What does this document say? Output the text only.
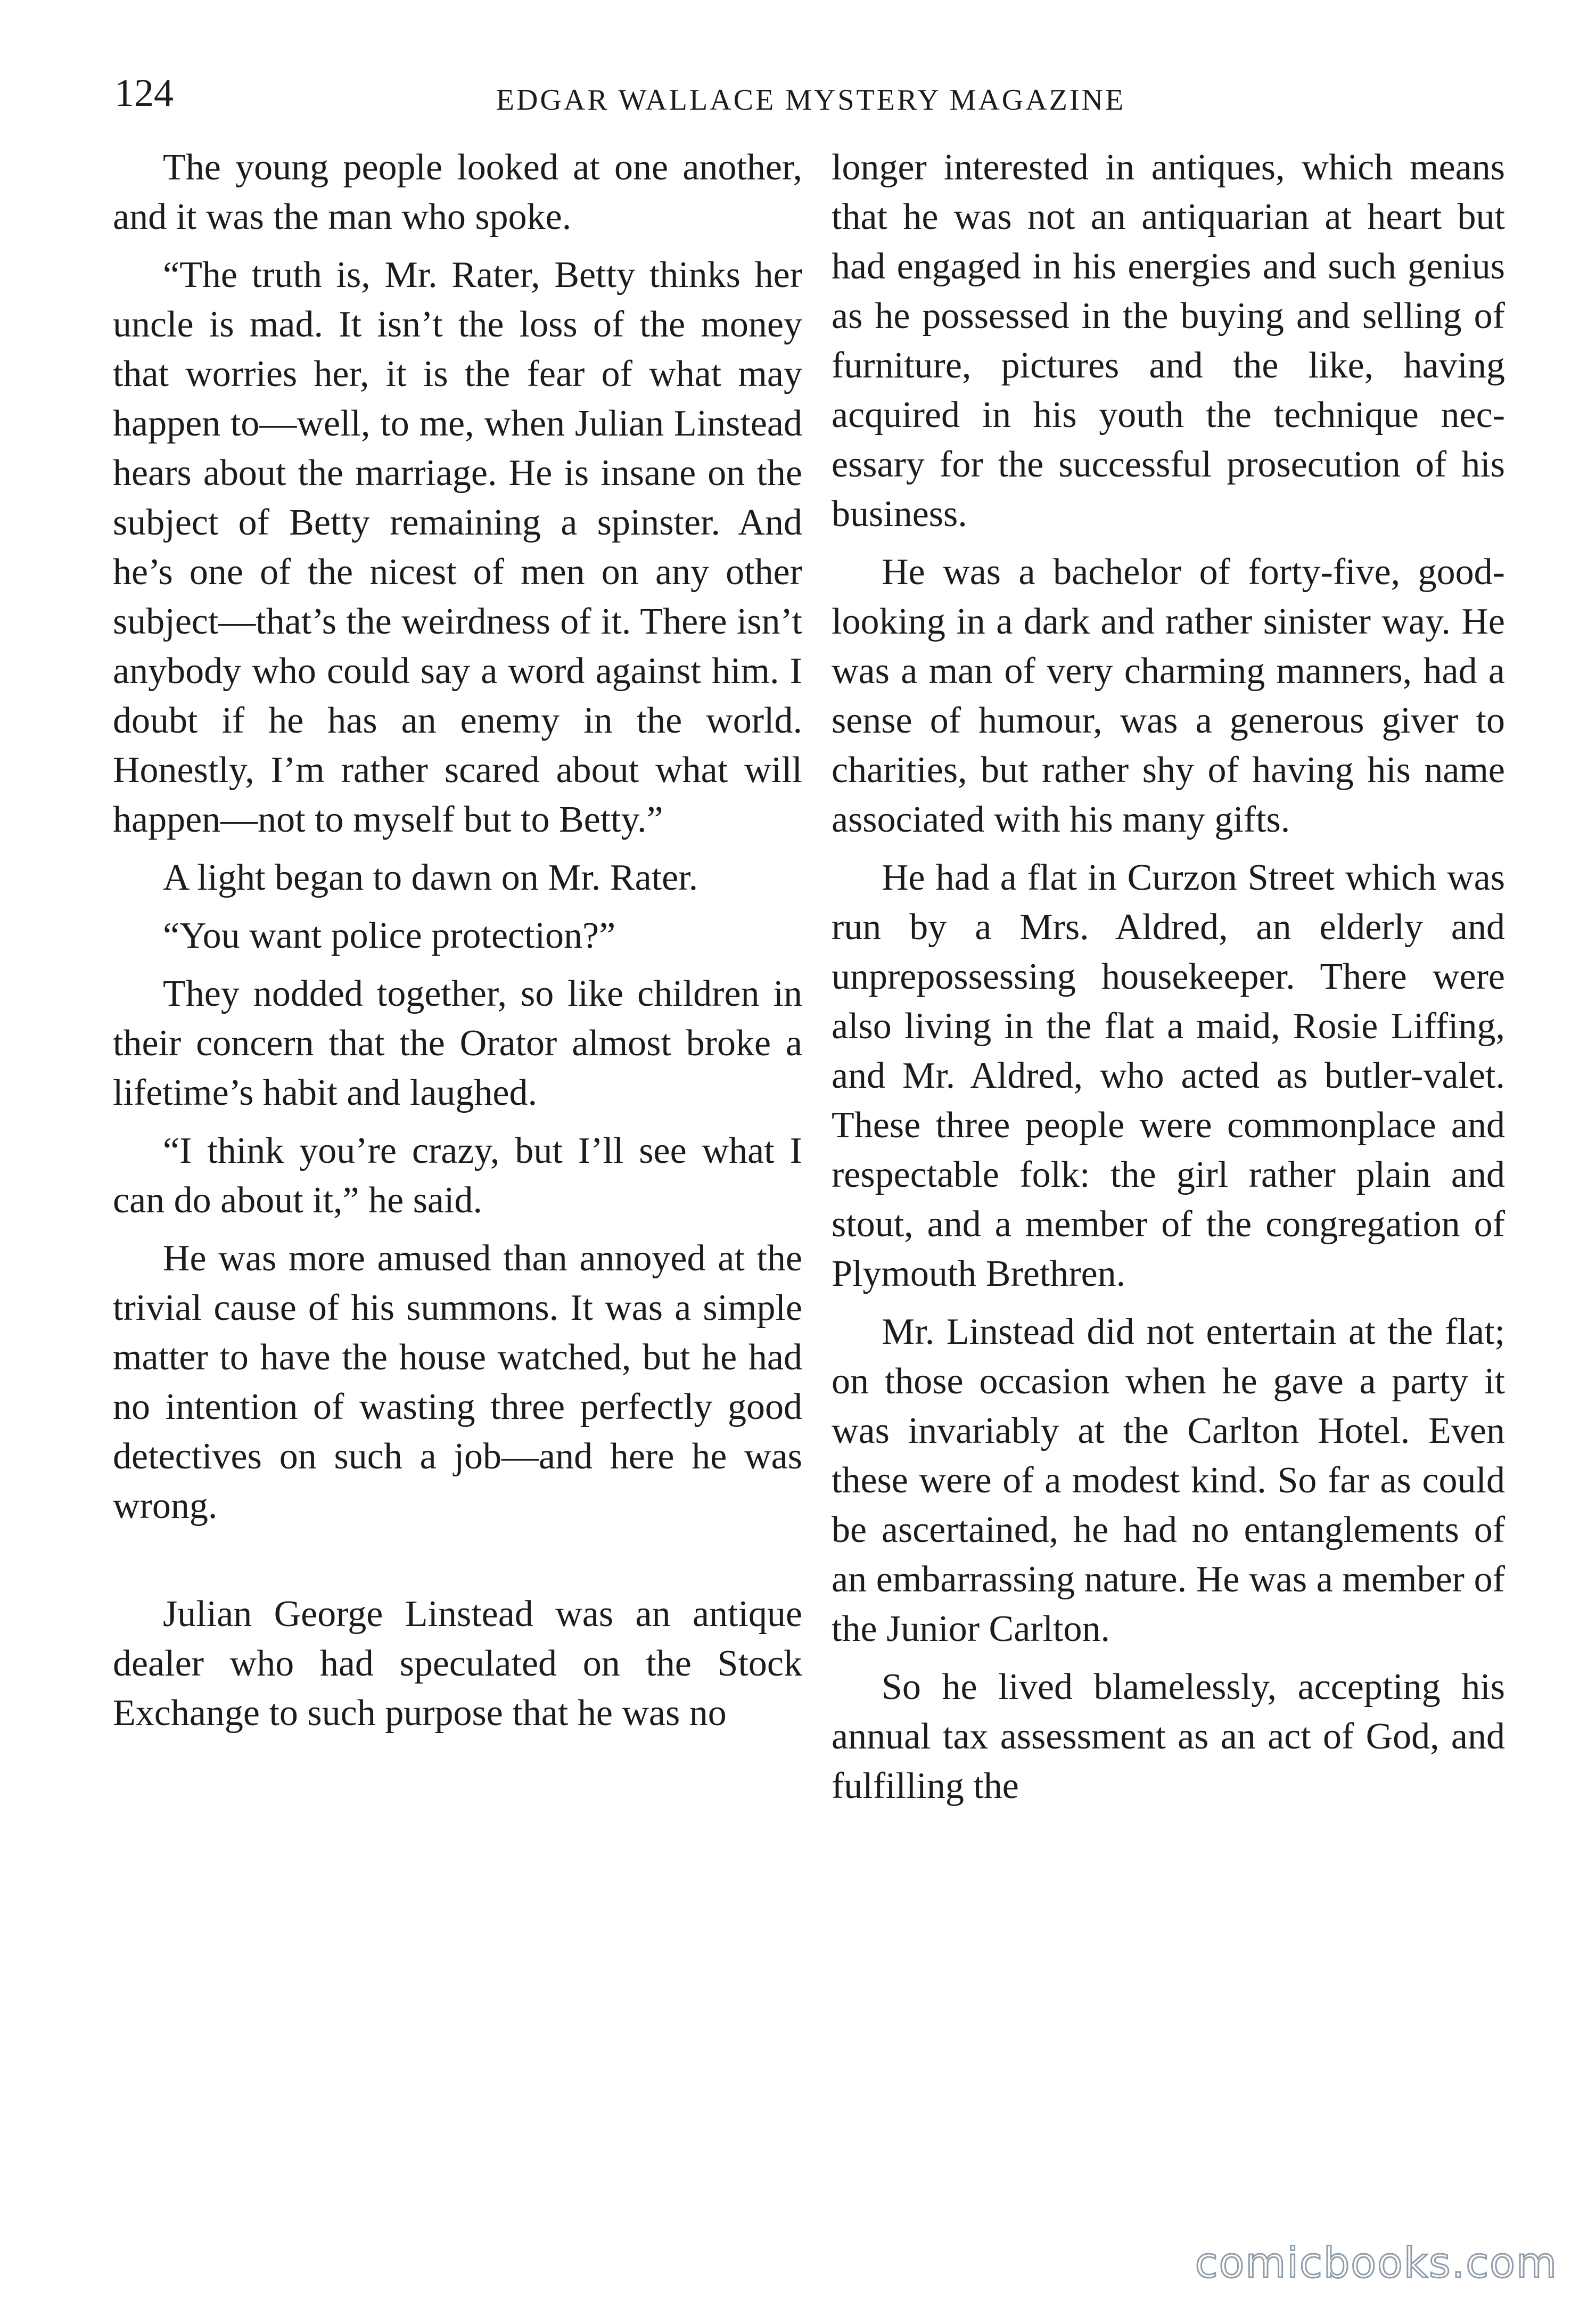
124	EDGAR WALLACE MYSTERY MAGAZINE

The young people looked at one another, and it was the man who spoke.

“The truth is, Mr. Rater, Betty thinks her uncle is mad. It isn’t the loss of the money that worries her, it is the fear of what may happen to—well, to me, when Julian Linstead hears about the marriage. He is insane on the subject of Betty remaining a spinster. And he’s one of the nicest of men on any other subject—that’s the weirdness of it. There isn’t anybody who could say a word against him. I doubt if he has an enemy in the world. Honestly, I’m rather scared about what will happen—not to myself but to Betty.”

A light began to dawn on Mr. Rater.

“You want police protection?”

They nodded together, so like children in their concern that the Orator almost broke a lifetime’s habit and laughed.

“I think you’re crazy, but I’ll see what I can do about it,” he said.

He was more amused than annoyed at the trivial cause of his summons. It was a simple matter to have the house watched, but he had no intention of wasting three perfectly good detectives on such a job—and here he was wrong.

Julian George Linstead was an antique dealer who had speculated on the Stock Exchange to such purpose that he was no

longer interested in antiques, which means that he was not an antiquarian at heart but had engaged in his energies and such genius as he possessed in the buying and selling of furniture, pictures and the like, having acquired in his youth the technique necessary for the successful prosecution of his business.

He was a bachelor of forty-five, good-looking in a dark and rather sinister way. He was a man of very charming manners, had a sense of humour, was a generous giver to charities, but rather shy of having his name associated with his many gifts.

He had a flat in Curzon Street which was run by a Mrs. Aldred, an elderly and unprepossessing housekeeper. There were also living in the flat a maid, Rosie Liffing, and Mr. Aldred, who acted as butler-valet. These three people were commonplace and respectable folk: the girl rather plain and stout, and a member of the congregation of Plymouth Brethren.

Mr. Linstead did not entertain at the flat; on those occasion when he gave a party it was invariably at the Carlton Hotel. Even these were of a modest kind. So far as could be ascertained, he had no entanglements of an embarrassing nature. He was a member of the Junior Carlton.

So he lived blamelessly, accepting his annual tax assessment as an act of God, and fulfilling the

comicbooks.com
